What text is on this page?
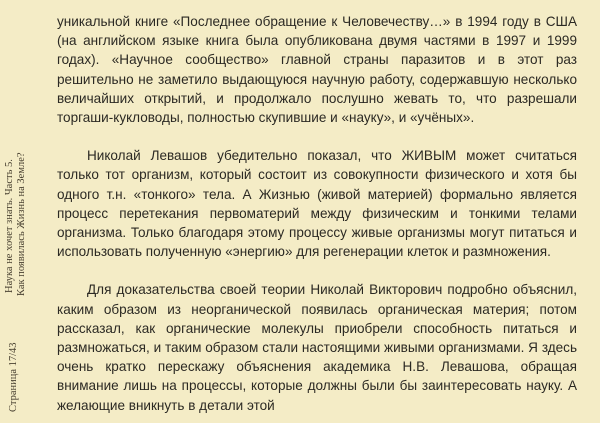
Страница 17/43
Наука не хочет знать. Часть 5. Как появилась Жизнь на Земле?

уникальной книге «Последнее обращение к Человечеству…» в 1994 году в США (на английском языке книга была опубликована двумя частями в 1997 и 1999 годах). «Научное сообщество» главной страны паразитов и в этот раз решительно не заметило выдающуюся научную работу, содержавшую несколько величайших открытий, и продолжало послушно жевать то, что разрешали торгаши-кукловоды, полностью скупившие и «науку», и «учёных».

Николай Левашов убедительно показал, что ЖИВЫМ может считаться только тот организм, который состоит из совокупности физического и хотя бы одного т.н. «тонкого» тела. А Жизнью (живой материей) формально является процесс перетекания первоматерий между физическим и тонкими телами организма. Только благодаря этому процессу живые организмы могут питаться и использовать полученную «энергию» для регенерации клеток и размножения.

Для доказательства своей теории Николай Викторович подробно объяснил, каким образом из неорганической появилась органическая материя; потом рассказал, как органические молекулы приобрели способность питаться и размножаться, и таким образом стали настоящими живыми организмами. Я здесь очень кратко перескажу объяснения академика Н.В. Левашова, обращая внимание лишь на процессы, которые должны были бы заинтересовать науку. А желающие вникнуть в детали этой
